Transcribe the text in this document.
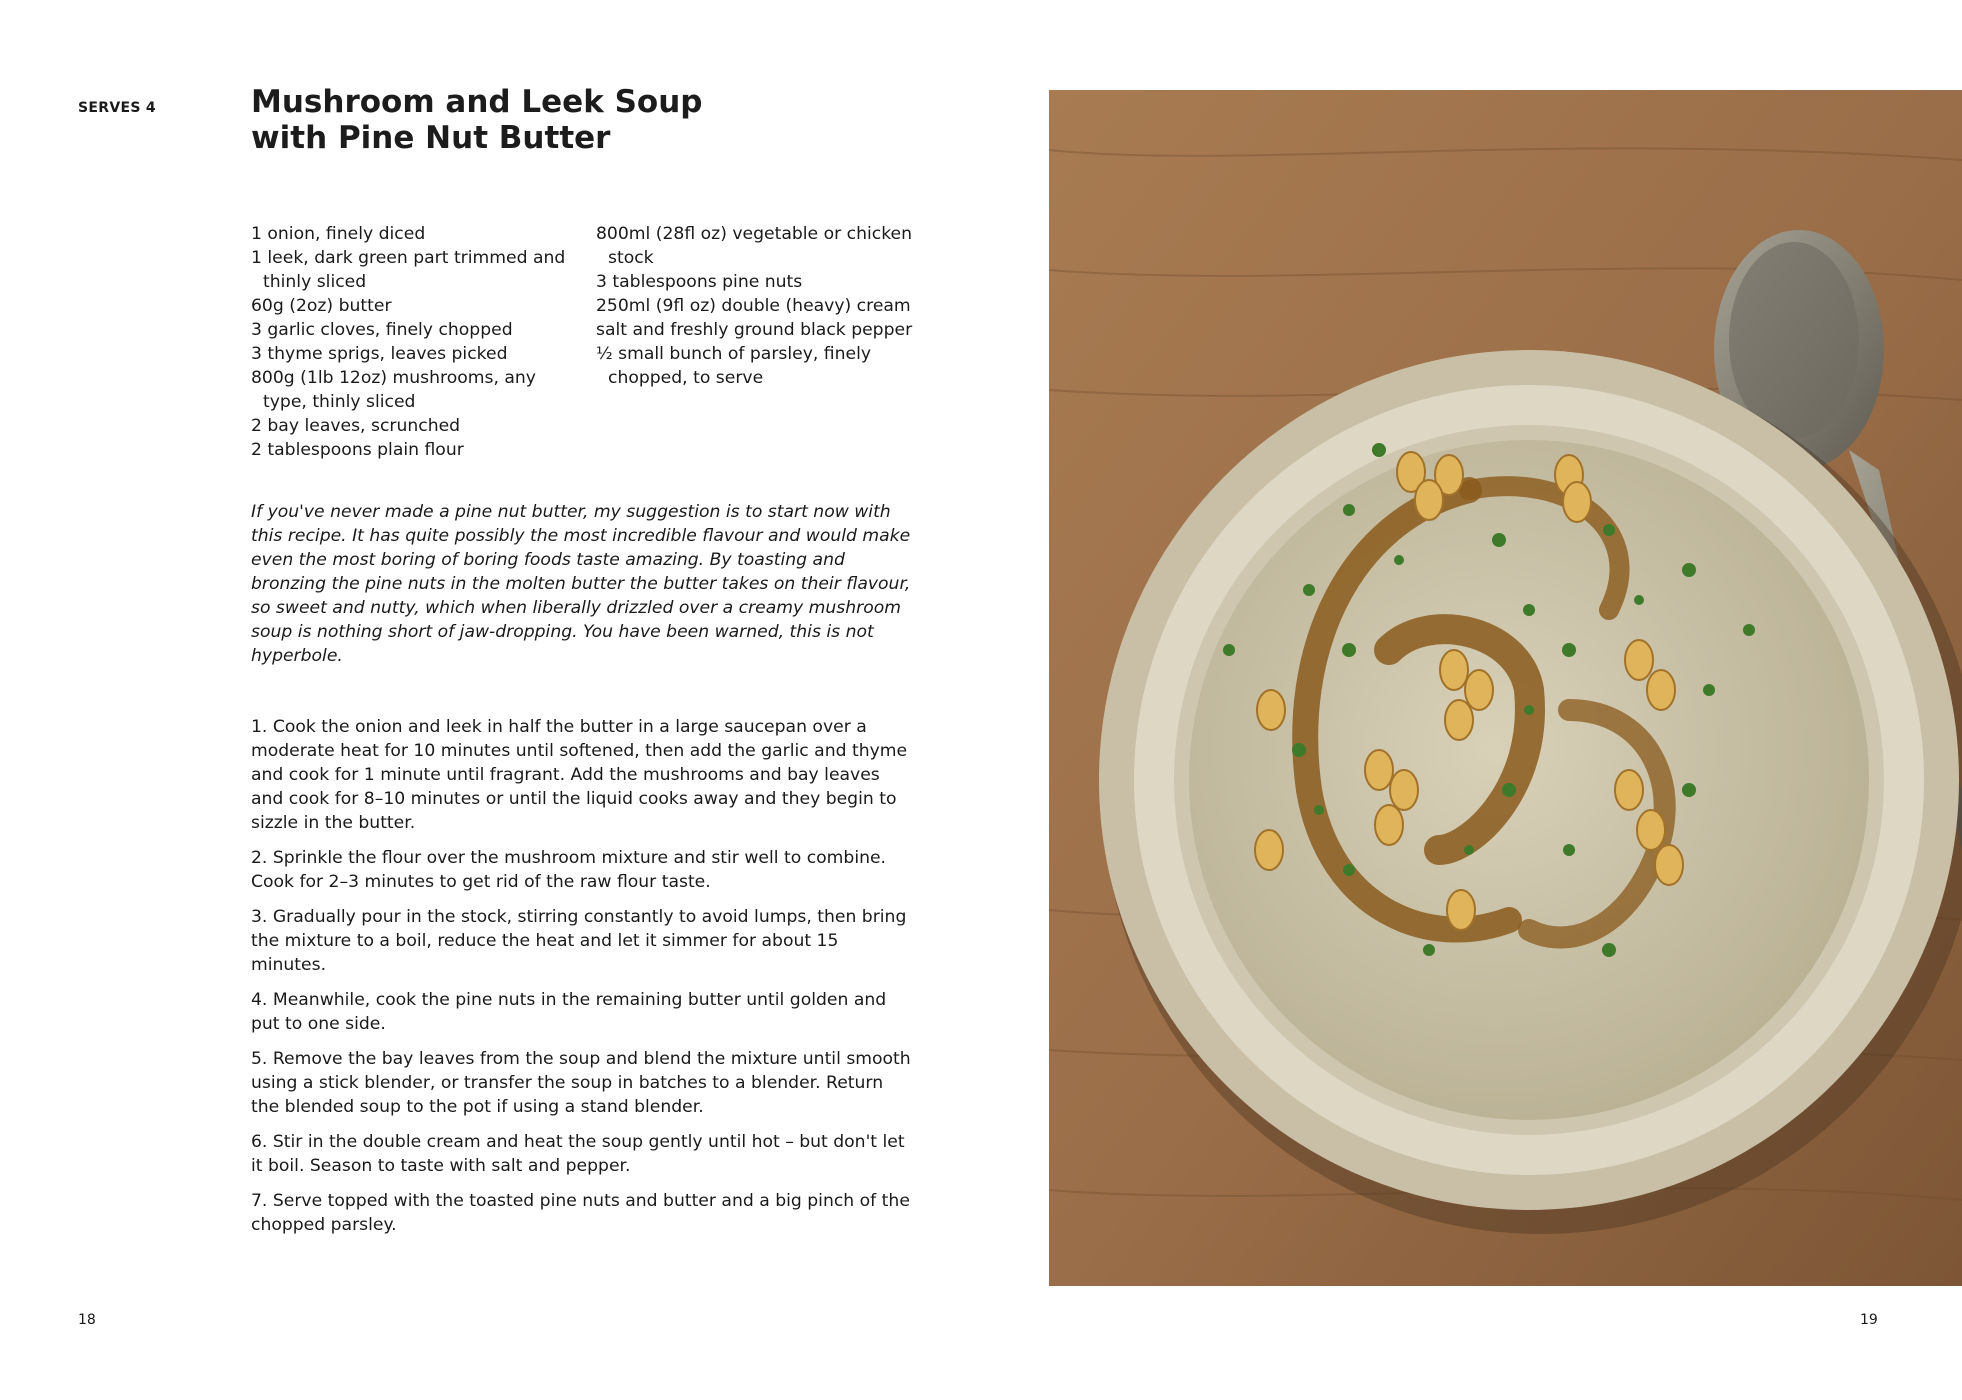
SERVES 4	Mushroom and Leek Soup
with Pine Nut Butter
1 onion, finely diced
1 leek, dark green part trimmed and thinly sliced
60g (2oz) butter
3 garlic cloves, finely chopped
3 thyme sprigs, leaves picked
800g (1lb 12oz) mushrooms, any type, thinly sliced
2 bay leaves, scrunched
2 tablespoons plain flour
800ml (28fl oz) vegetable or chicken stock
3 tablespoons pine nuts
250ml (9fl oz) double (heavy) cream
salt and freshly ground black pepper
½ small bunch of parsley, finely chopped, to serve

If you've never made a pine nut butter, my suggestion is to start now with this recipe. It has quite possibly the most incredible flavour and would make even the most boring of boring foods taste amazing. By toasting and bronzing the pine nuts in the molten butter the butter takes on their flavour, so sweet and nutty, which when liberally drizzled over a creamy mushroom soup is nothing short of jaw-dropping. You have been warned, this is not hyperbole.

1. Cook the onion and leek in half the butter in a large saucepan over a moderate heat for 10 minutes until softened, then add the garlic and thyme and cook for 1 minute until fragrant. Add the mushrooms and bay leaves and cook for 8–10 minutes or until the liquid cooks away and they begin to sizzle in the butter.
2. Sprinkle the flour over the mushroom mixture and stir well to combine. Cook for 2–3 minutes to get rid of the raw flour taste.
3. Gradually pour in the stock, stirring constantly to avoid lumps, then bring the mixture to a boil, reduce the heat and let it simmer for about 15 minutes.
4. Meanwhile, cook the pine nuts in the remaining butter until golden and put to one side.
5. Remove the bay leaves from the soup and blend the mixture until smooth using a stick blender, or transfer the soup in batches to a blender. Return the blended soup to the pot if using a stand blender.
6. Stir in the double cream and heat the soup gently until hot – but don't let it boil. Season to taste with salt and pepper.
7. Serve topped with the toasted pine nuts and butter and a big pinch of the chopped parsley.
18	19
